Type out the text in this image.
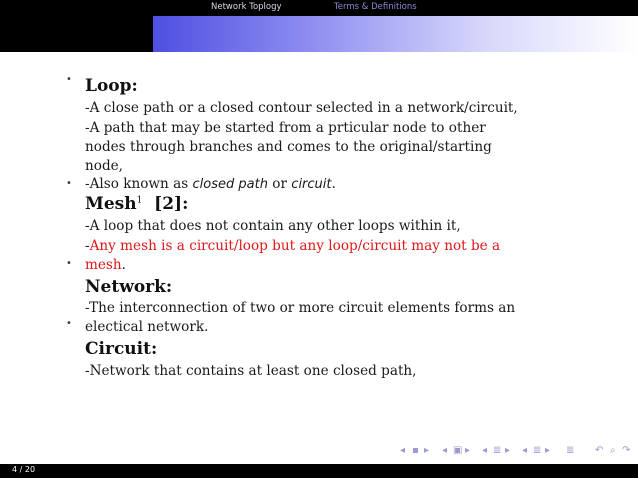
Network Toplogy	Terms & Definitions
•
•
•
•
Loop:
-A close path or a closed contour selected in a network/circuit,
-A path that may be started from a prticular node to other
nodes through branches and comes to the original/starting
node,
-Also known as closed path or circuit.
Mesh$^1$ [2]:
-A loop that does not contain any other loops within it,
-Any mesh is a circuit/loop but any loop/circuit may not be a
mesh.
Network:
-The interconnection of two or more circuit elements forms an
electical network.
Circuit:
-Network that contains at least one closed path,
◂ ▪ ▸ ◂ ▣ ▸ ◂ ≣ ▸ ◂ ≣ ▸ ≣ ↶ ⌕ ↷
4 / 20
